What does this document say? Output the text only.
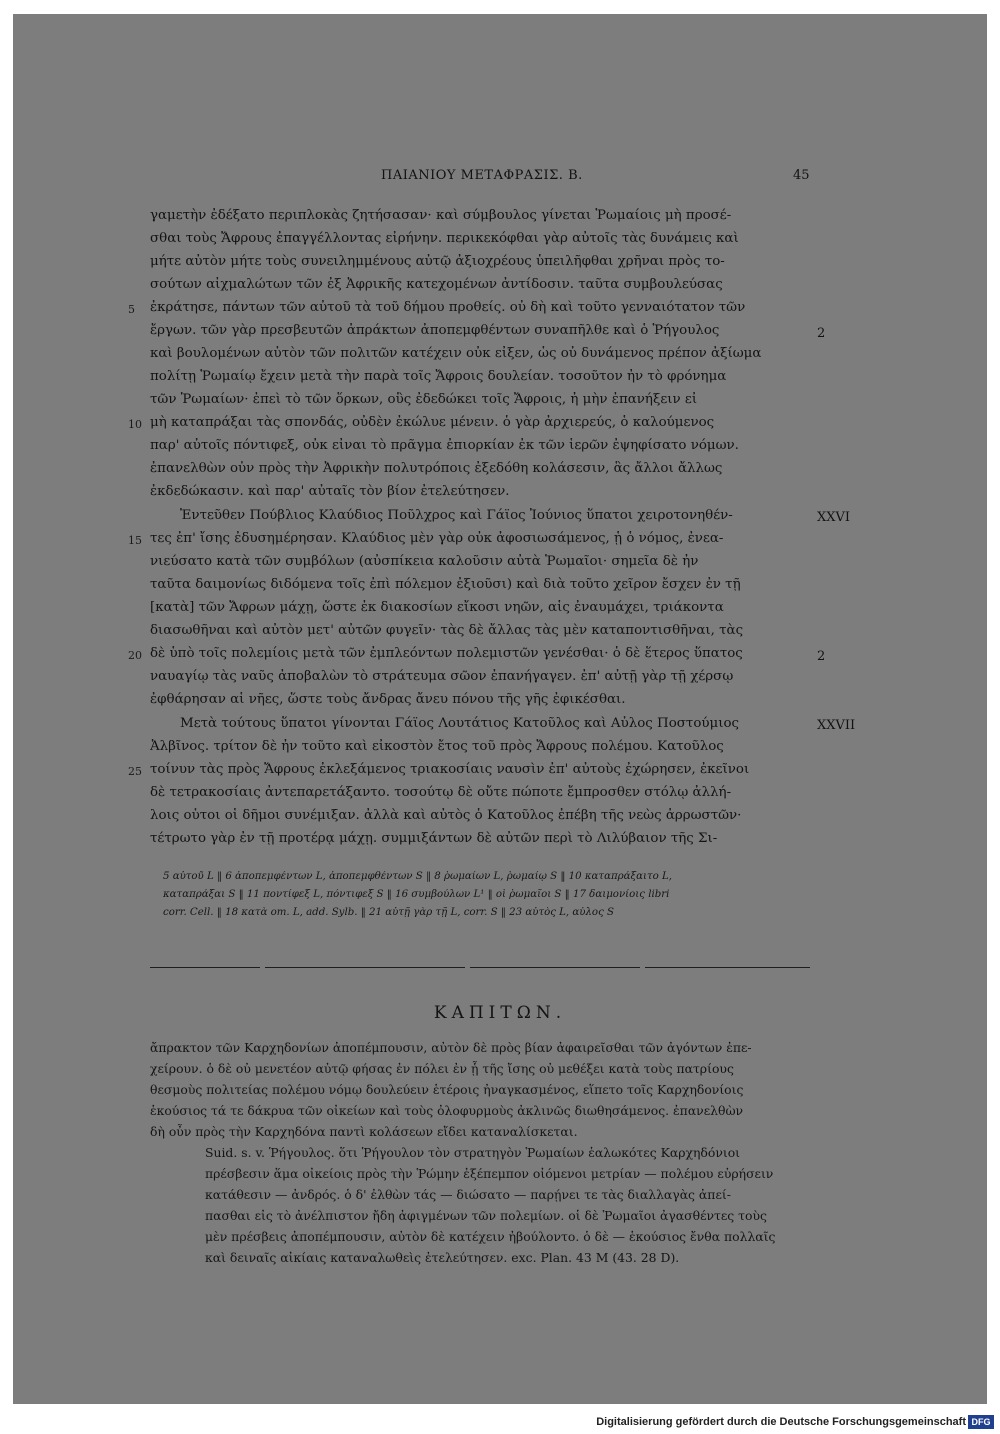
ΠΑΙΑΝΙΟΥ ΜΕΤΑΦΡΑΣΙΣ. Β.	45
γαμετὴν ἐδέξατο περιπλοκὰς ζητήσασαν· καὶ σύμβουλος γίνεται Ῥωμαίοις μὴ προσέ-
σθαι τοὺς Ἄφρους ἐπαγγέλλοντας εἰρήνην. περικεκόφθαι γὰρ αὐτοῖς τὰς δυνάμεις καὶ
μήτε αὐτὸν μήτε τοὺς συνειλημμένους αὐτῷ ἀξιοχρέους ὑπειλῆφθαι χρῆναι πρὸς το-
σούτων αἰχμαλώτων τῶν ἐξ Ἀφρικῆς κατεχομένων ἀντίδοσιν. ταῦτα συμβουλεύσας
ἐκράτησε, πάντων τῶν αὐτοῦ τὰ τοῦ δήμου προθείς. οὐ δὴ καὶ τοῦτο γενναιότατον τῶν
ἔργων. τῶν γὰρ πρεσβευτῶν ἀπράκτων ἀποπεμφθέντων συναπῆλθε καὶ ὁ Ῥήγουλος
καὶ βουλομένων αὐτὸν τῶν πολιτῶν κατέχειν οὐκ εἶξεν, ὡς οὐ δυνάμενος πρέπον ἀξίωμα
πολίτῃ Ῥωμαίῳ ἔχειν μετὰ τὴν παρὰ τοῖς Ἄφροις δουλείαν. τοσοῦτον ἦν τὸ φρόνημα
τῶν Ῥωμαίων· ἐπεὶ τὸ τῶν ὅρκων, οὓς ἐδεδώκει τοῖς Ἄφροις, ἦ μὴν ἐπανήξειν εἰ
μὴ καταπράξαι τὰς σπονδάς, οὐδὲν ἐκώλυε μένειν. ὁ γὰρ ἀρχιερεύς, ὁ καλούμενος
παρ' αὐτοῖς πόντιφεξ, οὐκ εἶναι τὸ πρᾶγμα ἐπιορκίαν ἐκ τῶν ἱερῶν ἐψηφίσατο νόμων.
ἐπανελθὼν οὖν πρὸς τὴν Ἀφρικὴν πολυτρόποις ἐξεδόθη κολάσεσιν, ἃς ἄλλοι ἄλλως
ἐκδεδώκασιν. καὶ παρ' αὐταῖς τὸν βίον ἐτελεύτησεν.
Ἐντεῦθεν Πούβλιος Κλαύδιος Ποῦλχρος καὶ Γάϊος Ἰούνιος ὕπατοι χειροτονηθέν-
τες ἐπ' ἴσης ἐδυσημέρησαν. Κλαύδιος μὲν γὰρ οὐκ ἀφοσιωσάμενος, ᾗ ὁ νόμος, ἐνεα-
νιεύσατο κατὰ τῶν συμβόλων (αὐσπίκεια καλοῦσιν αὐτὰ Ῥωμαῖοι· σημεῖα δὲ ἦν
ταῦτα δαιμονίως διδόμενα τοῖς ἐπὶ πόλεμον ἐξιοῦσι) καὶ διὰ τοῦτο χεῖρον ἔσχεν ἐν τῇ
[κατὰ] τῶν Ἄφρων μάχῃ, ὥστε ἐκ διακοσίων εἴκοσι νηῶν, αἷς ἐναυμάχει, τριάκοντα
διασωθῆναι καὶ αὐτὸν μετ' αὐτῶν φυγεῖν· τὰς δὲ ἄλλας τὰς μὲν καταποντισθῆναι, τὰς
δὲ ὑπὸ τοῖς πολεμίοις μετὰ τῶν ἐμπλεόντων πολεμιστῶν γενέσθαι· ὁ δὲ ἕτερος ὕπατος
ναυαγίῳ τὰς ναῦς ἀποβαλὼν τὸ στράτευμα σῶον ἐπανήγαγεν. ἐπ' αὐτῇ γὰρ τῇ χέρσῳ
ἐφθάρησαν αἱ νῆες, ὥστε τοὺς ἄνδρας ἄνευ πόνου τῆς γῆς ἐφικέσθαι.
Μετὰ τούτους ὕπατοι γίνονται Γάϊος Λουτάτιος Κατοῦλος καὶ Αὖλος Ποστούμιος
Ἀλβῖνος. τρίτον δὲ ἦν τοῦτο καὶ εἰκοστὸν ἔτος τοῦ πρὸς Ἄφρους πολέμου. Κατοῦλος
τοίνυν τὰς πρὸς Ἄφρους ἐκλεξάμενος τριακοσίαις ναυσὶν ἐπ' αὐτοὺς ἐχώρησεν, ἐκεῖνοι
δὲ τετρακοσίαις ἀντεπαρετάξαντο. τοσούτῳ δὲ οὔτε πώποτε ἔμπροσθεν στόλῳ ἀλλή-
λοις οὗτοι οἱ δῆμοι συνέμιξαν. ἀλλὰ καὶ αὐτὸς ὁ Κατοῦλος ἐπέβη τῆς νεὼς ἀρρωστῶν·
τέτρωτο γὰρ ἐν τῇ προτέρᾳ μάχῃ. συμμιξάντων δὲ αὐτῶν περὶ τὸ Λιλύβαιον τῆς Σι-
5
10
15
20
25
2
XXVI
2
XXVII
5 αὐτοῦ L ‖ 6 ἀποπεμφέντων L, ἀποπεμφθέντων S ‖ 8 ῥωμαίων L, ῥωμαίῳ S ‖ 10 καταπράξαιτο L,
καταπράξαι S ‖ 11 ποντίφεξ L, πόντιφεξ S ‖ 16 συμβούλων L¹ ‖ οἱ ῥωμαῖοι S ‖ 17 δαιμονίοις libri
corr. Cell. ‖ 18 κατὰ om. L, add. Sylb. ‖ 21 αὐτῇ γὰρ τῇ L, corr. S ‖ 23 αὐτὸς L, αὖλος S
ΚΑΠΙΤΩΝ.
ἄπρακτον τῶν Καρχηδονίων ἀποπέμπουσιν, αὐτὸν δὲ πρὸς βίαν ἀφαιρεῖσθαι τῶν ἀγόντων ἐπε-
χείρουν. ὁ δὲ οὐ μενετέον αὐτῷ φήσας ἐν πόλει ἐν ᾗ τῆς ἴσης οὐ μεθέξει κατὰ τοὺς πατρίους
θεσμοὺς πολιτείας πολέμου νόμῳ δουλεύειν ἑτέροις ἠναγκασμένος, εἵπετο τοῖς Καρχηδονίοις
ἑκούσιος τά τε δάκρυα τῶν οἰκείων καὶ τοὺς ὀλοφυρμοὺς ἀκλινῶς διωθησάμενος. ἐπανελθὼν
δὴ οὖν πρὸς τὴν Καρχηδόνα παντὶ κολάσεων εἴδει καταναλίσκεται.
Suid. s. v. Ῥήγουλος. ὅτι Ῥήγουλον τὸν στρατηγὸν Ῥωμαίων ἑαλωκότες Καρχηδόνιοι
πρέσβεσιν ἅμα οἰκείοις πρὸς τὴν Ῥώμην ἐξέπεμπον οἰόμενοι μετρίαν — πολέμου εὑρήσειν
κατάθεσιν — ἀνδρός. ὁ δ' ἐλθὼν τάς — διώσατο — παρῄνει τε τὰς διαλλαγὰς ἀπεί-
πασθαι εἰς τὸ ἀνέλπιστον ἤδη ἀφιγμένων τῶν πολεμίων. οἱ δὲ Ῥωμαῖοι ἀγασθέντες τοὺς
μὲν πρέσβεις ἀποπέμπουσιν, αὐτὸν δὲ κατέχειν ἠβούλοντο. ὁ δὲ — ἑκούσιος ἔνθα πολλαῖς
καὶ δειναῖς αἰκίαις καταναλωθεὶς ἐτελεύτησεν. exc. Plan. 43 M (43. 28 D).
Digitalisierung gefördert durch die Deutsche Forschungsgemeinschaft DFG
